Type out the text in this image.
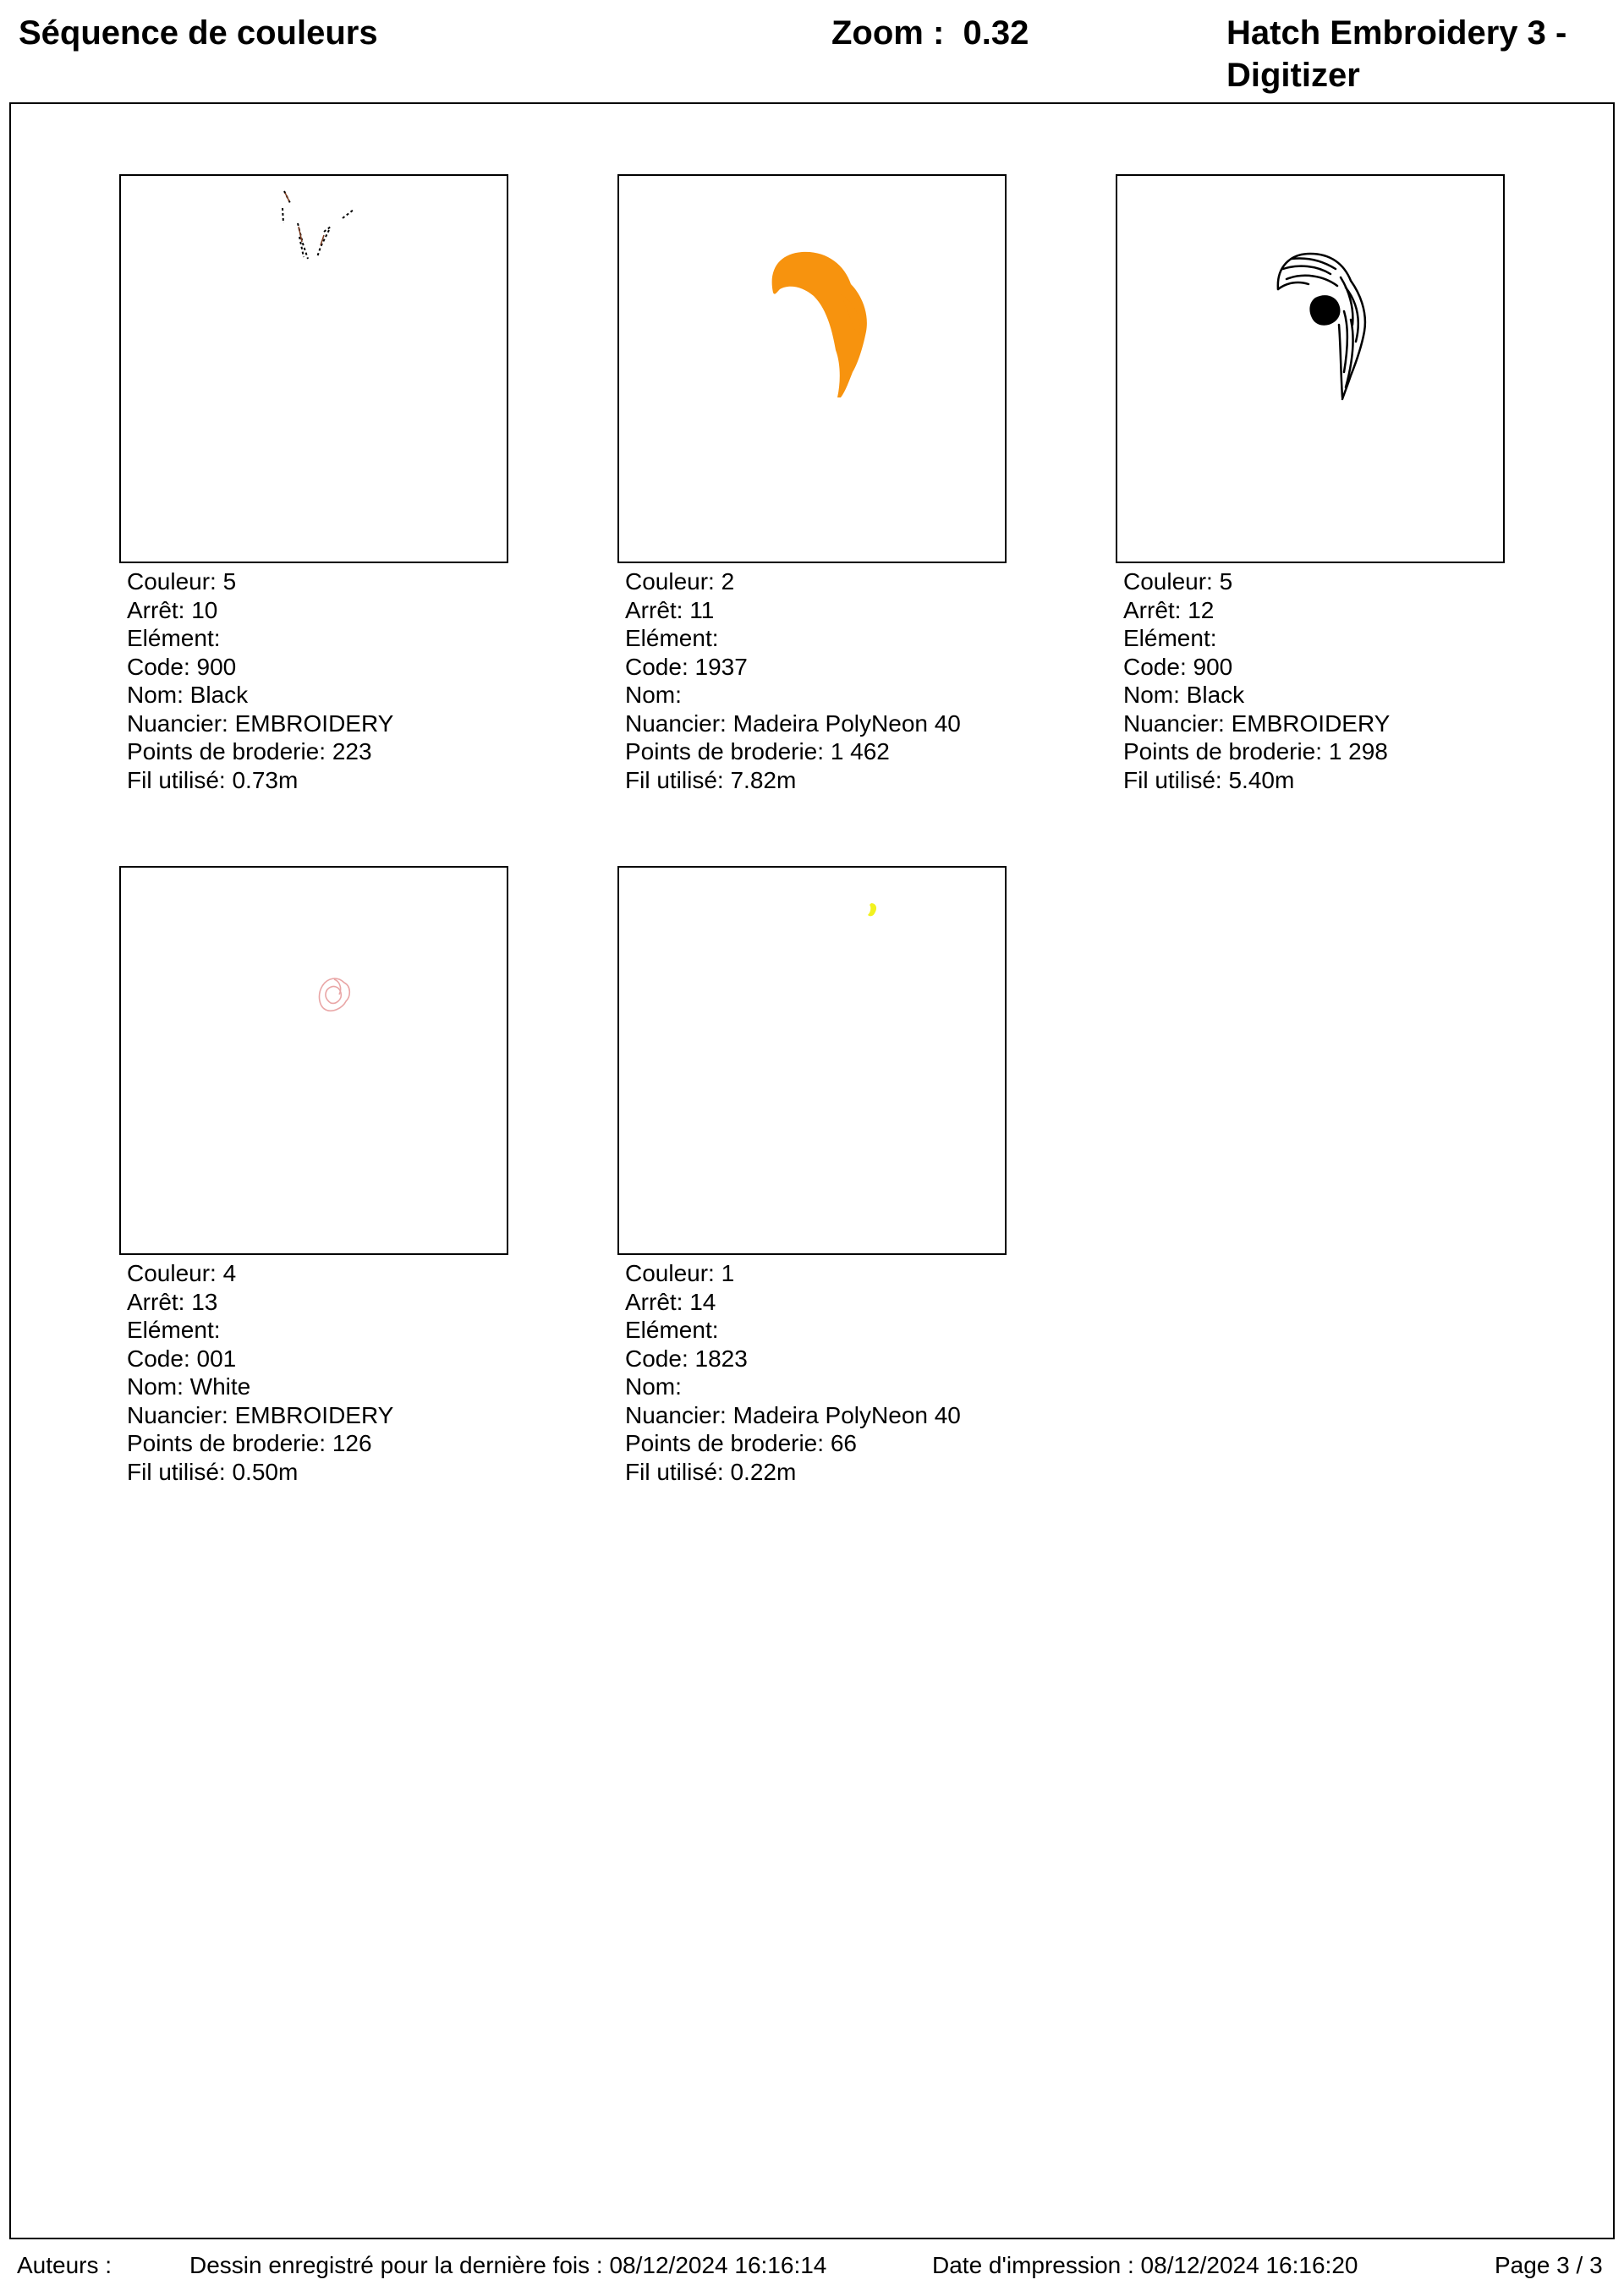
Séquence de couleurs	Zoom :  0.32	Hatch Embroidery 3 - Digitizer
Couleur: 5
Arrêt: 10
Elément:
Code: 900
Nom: Black
Nuancier: EMBROIDERY
Points de broderie: 223
Fil utilisé: 0.73m
Couleur: 2
Arrêt: 11
Elément:
Code: 1937
Nom:
Nuancier: Madeira PolyNeon 40
Points de broderie: 1 462
Fil utilisé: 7.82m
Couleur: 5
Arrêt: 12
Elément:
Code: 900
Nom: Black
Nuancier: EMBROIDERY
Points de broderie: 1 298
Fil utilisé: 5.40m
Couleur: 4
Arrêt: 13
Elément:
Code: 001
Nom: White
Nuancier: EMBROIDERY
Points de broderie: 126
Fil utilisé: 0.50m
Couleur: 1
Arrêt: 14
Elément:
Code: 1823
Nom:
Nuancier: Madeira PolyNeon 40
Points de broderie: 66
Fil utilisé: 0.22m
Auteurs :	Dessin enregistré pour la dernière fois : 08/12/2024 16:16:14	Date d'impression : 08/12/2024 16:16:20	Page 3 / 3
